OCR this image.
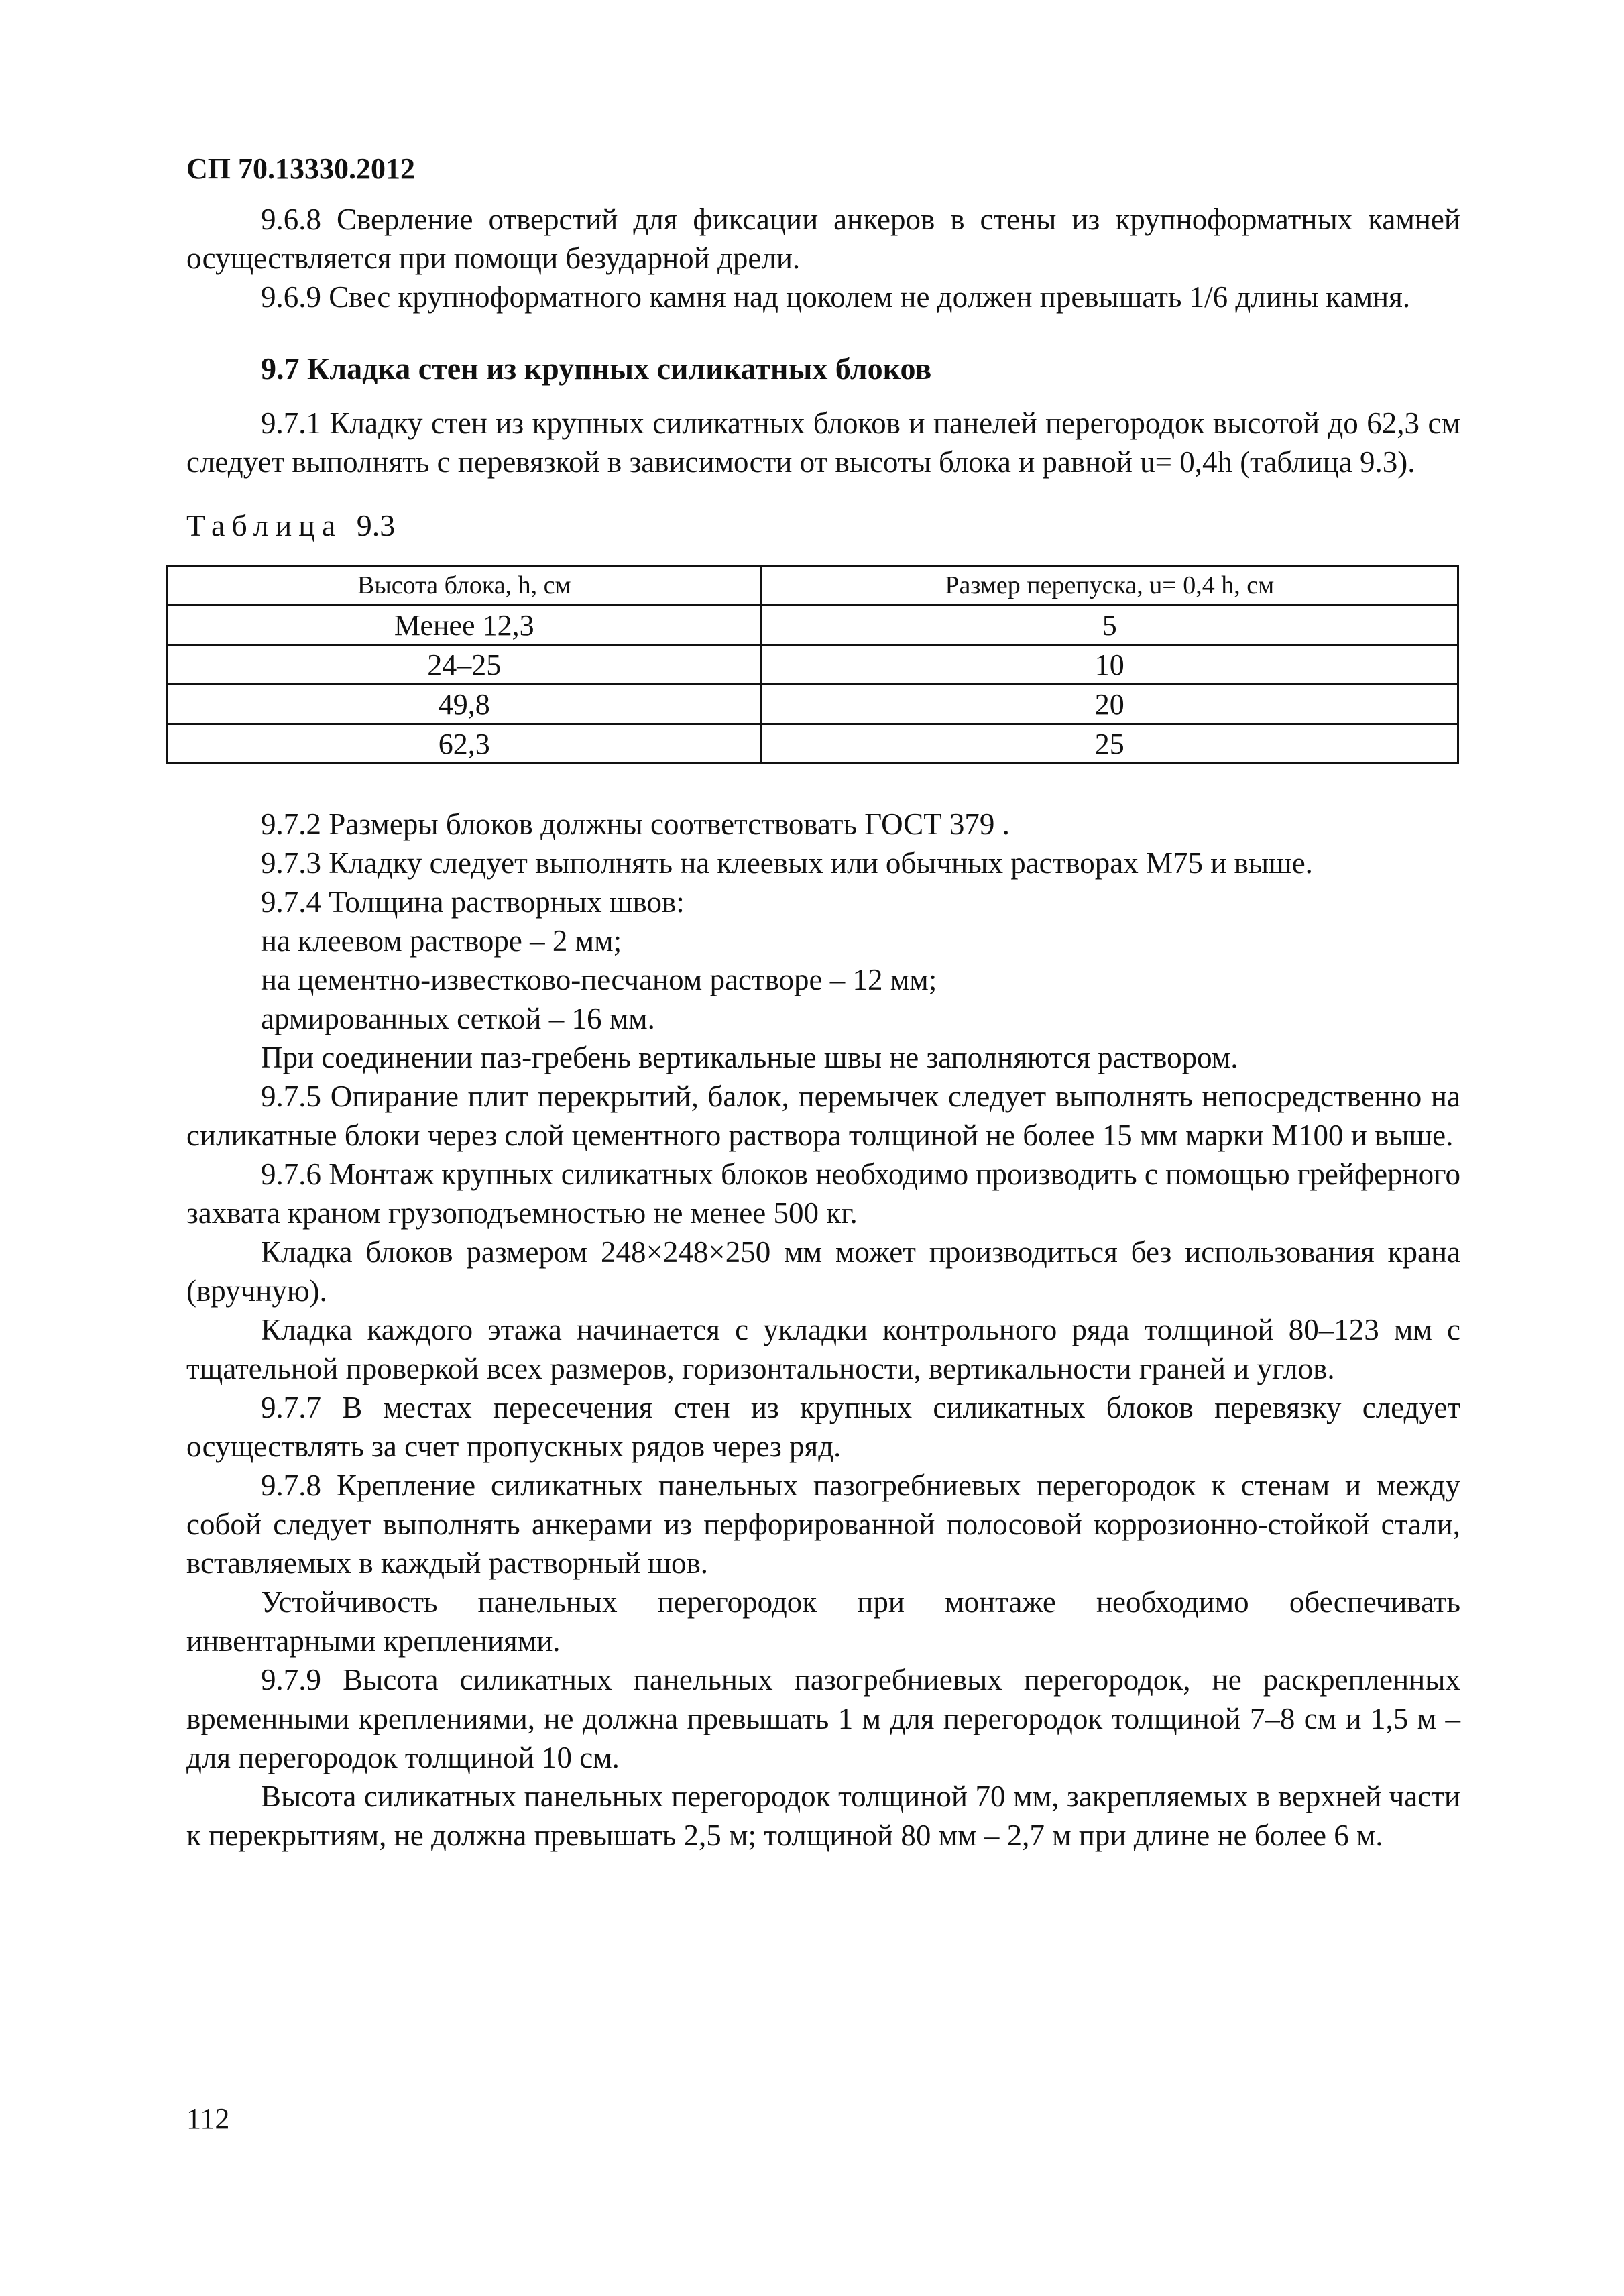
СП 70.13330.2012

9.6.8 Сверление отверстий для фиксации анкеров в стены из крупноформатных камней осуществляется при помощи безударной дрели.

9.6.9 Свес крупноформатного камня над цоколем не должен превышать 1/6 длины камня.

9.7 Кладка стен из крупных силикатных блоков

9.7.1 Кладку стен из крупных силикатных блоков и панелей перегородок высотой до 62,3 см следует выполнять с перевязкой в зависимости от высоты блока и равной u= 0,4h (таблица 9.3).

Таблица 9.3
Высота блока, h, см	Размер перепуска, u= 0,4 h, см
Менее 12,3	5
24–25	10
49,8	20
62,3	25

9.7.2 Размеры блоков должны соответствовать ГОСТ 379 .

9.7.3 Кладку следует выполнять на клеевых или обычных растворах М75 и выше.

9.7.4 Толщина растворных швов:

на клеевом растворе – 2 мм;

на цементно-известково-песчаном растворе – 12 мм;

армированных сеткой – 16 мм.

При соединении паз-гребень вертикальные швы не заполняются раствором.

9.7.5 Опирание плит перекрытий, балок, перемычек следует выполнять непосредственно на силикатные блоки через слой цементного раствора толщиной не более 15 мм марки М100 и выше.

9.7.6 Монтаж крупных силикатных блоков необходимо производить с помощью грейферного захвата краном грузоподъемностью не менее 500 кг.

Кладка блоков размером 248×248×250 мм может производиться без использования крана (вручную).

Кладка каждого этажа начинается с укладки контрольного ряда толщиной 80–123 мм с тщательной проверкой всех размеров, горизонтальности, вертикальности граней и углов.

9.7.7 В местах пересечения стен из крупных силикатных блоков перевязку следует осуществлять за счет пропускных рядов через ряд.

9.7.8 Крепление силикатных панельных пазогребниевых перегородок к стенам и между собой следует выполнять анкерами из перфорированной полосовой коррозионно-стойкой стали, вставляемых в каждый растворный шов.

Устойчивость панельных перегородок при монтаже необходимо обеспечивать инвентарными креплениями.

9.7.9 Высота силикатных панельных пазогребниевых перегородок, не раскрепленных временными креплениями, не должна превышать 1 м для перегородок толщиной 7–8 см и 1,5 м – для перегородок толщиной 10 см.

Высота силикатных панельных перегородок толщиной 70 мм, закрепляемых в верхней части к перекрытиям, не должна превышать 2,5 м; толщиной 80 мм – 2,7 м при длине не более 6 м.

112
